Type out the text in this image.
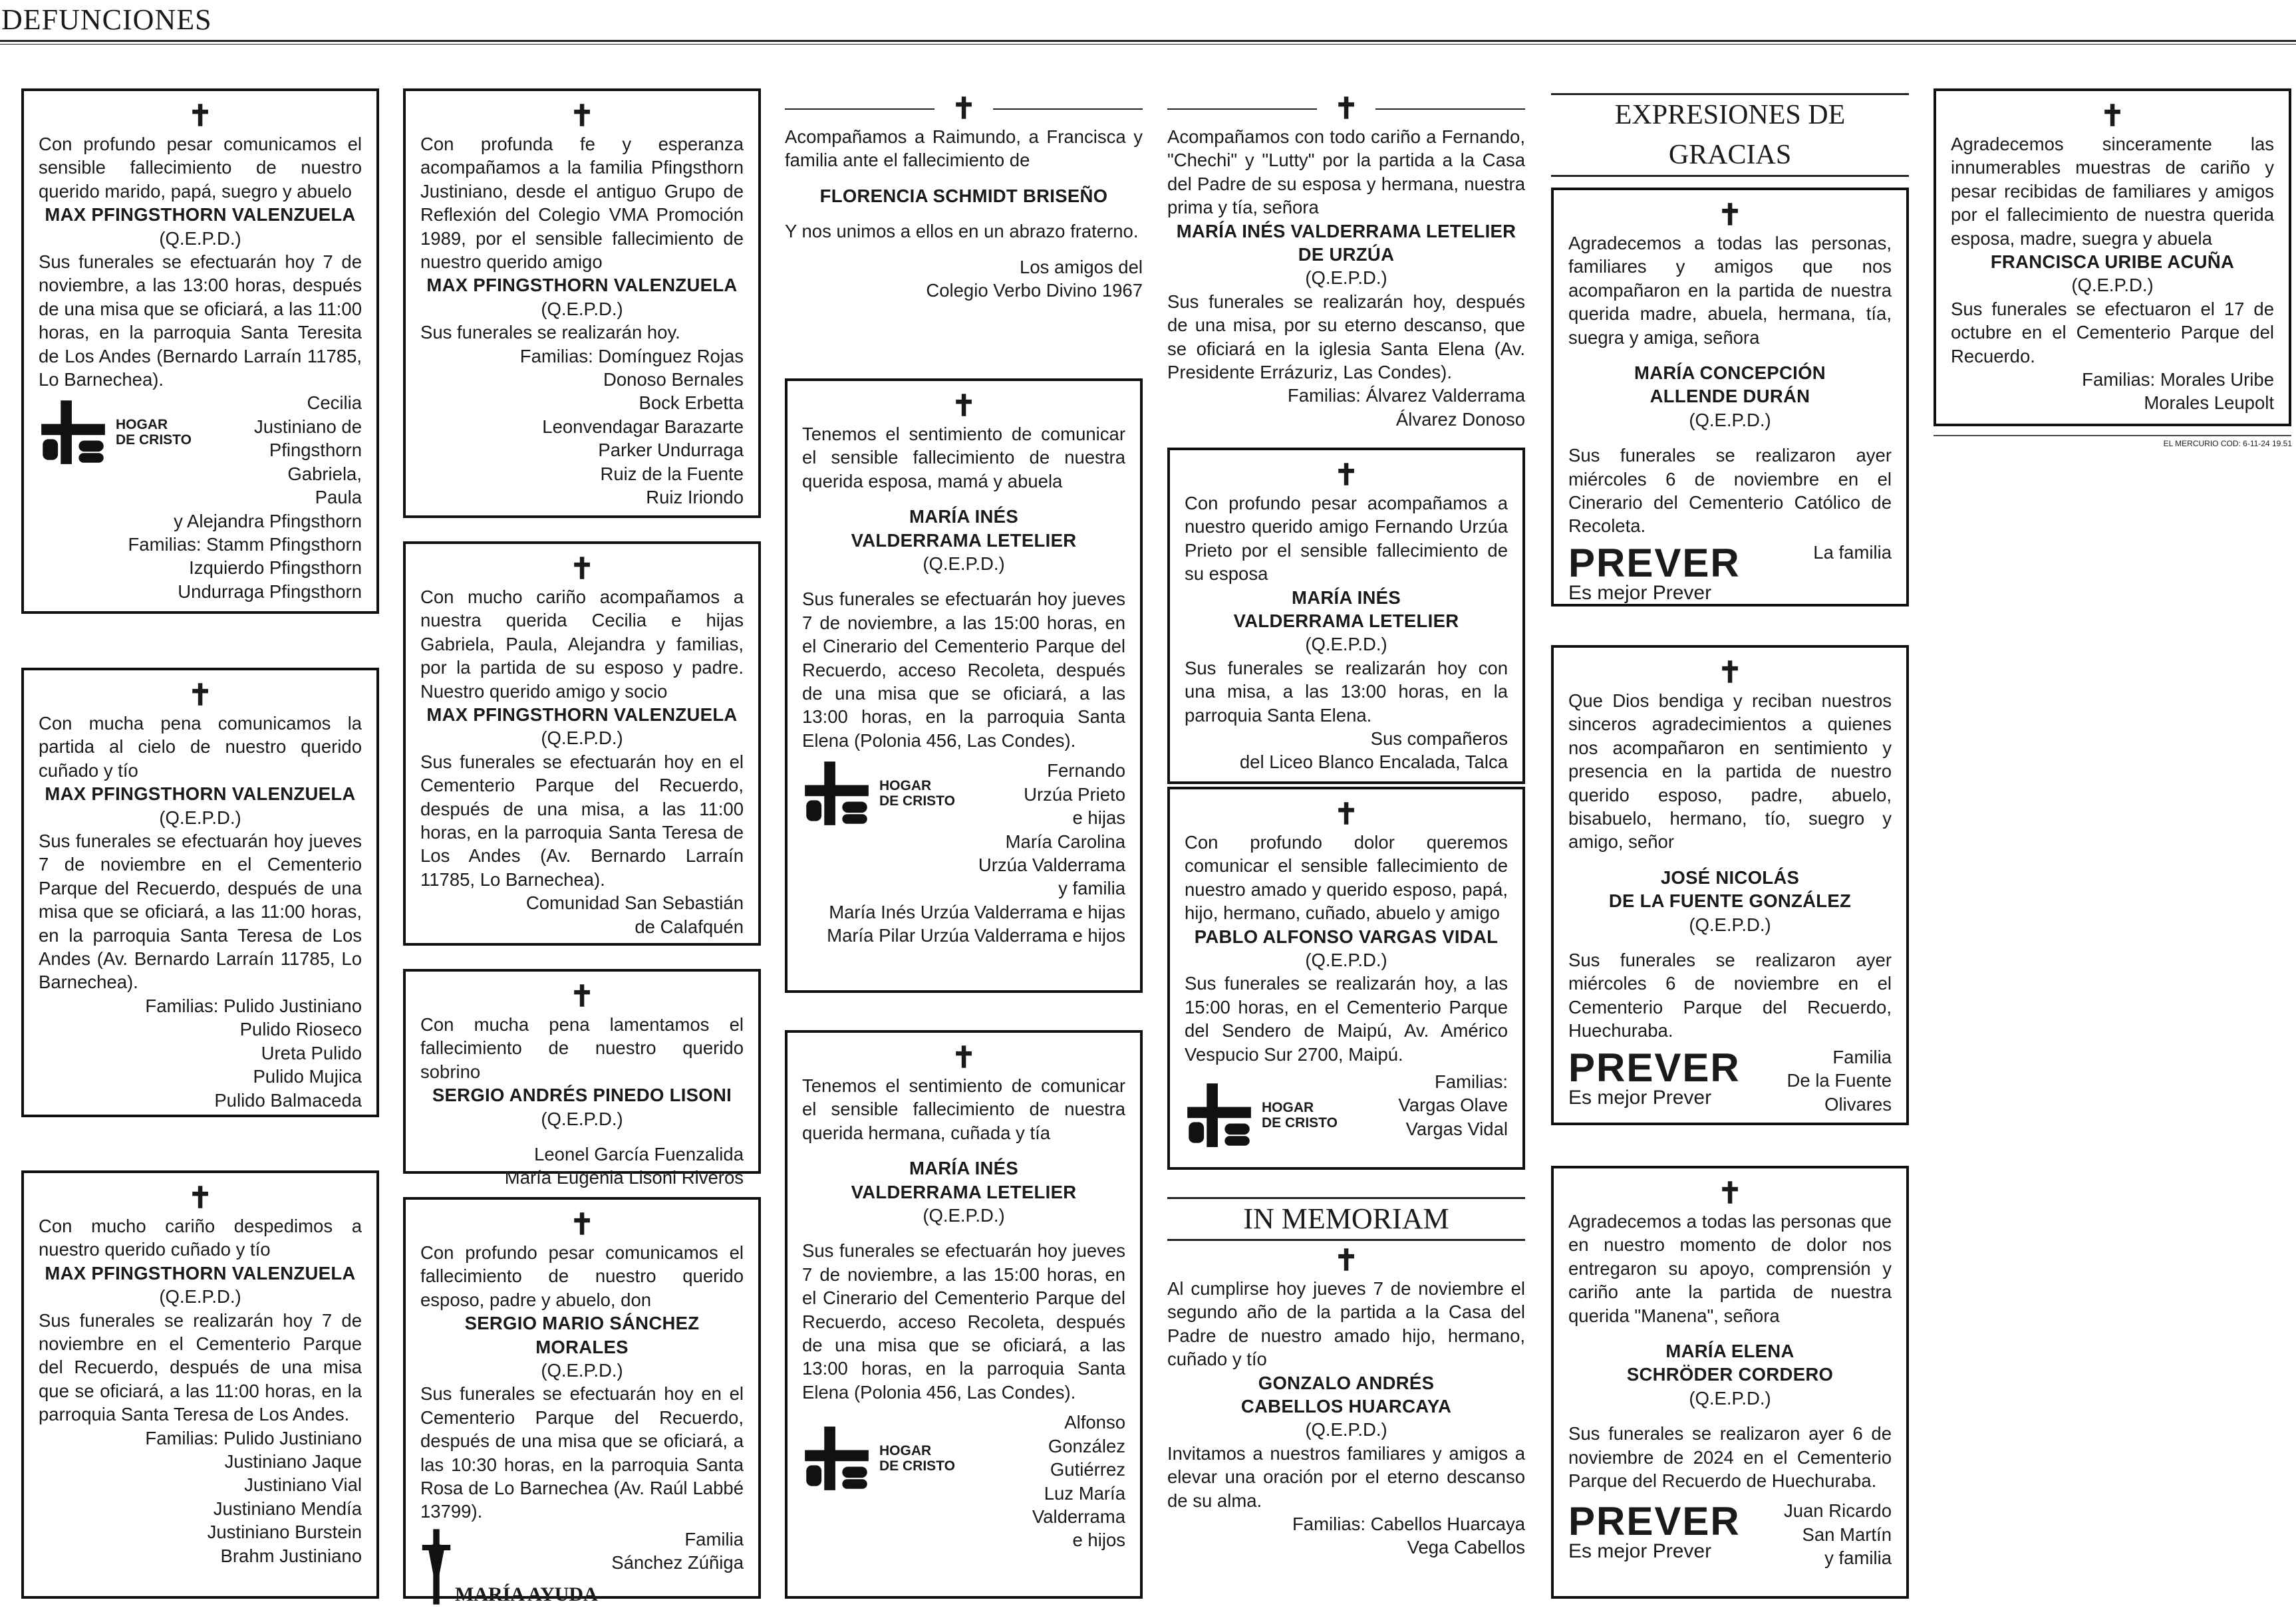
DEFUNCIONES
✝
Con profundo pesar comunicamos el sensible fallecimiento de nuestro querido marido, papá, suegro y abuelo
MAX PFINGSTHORN VALENZUELA
(Q.E.P.D.)
Sus funerales se efectuarán hoy 7 de noviembre, a las 13:00 horas, después de una misa que se oficiará, a las 11:00 horas, en la parroquia Santa Teresita de Los Andes (Bernardo Larraín 11785, Lo Barnechea).
HOGAR
DE CRISTO
Cecilia
Justiniano de
Pfingsthorn
Gabriela,
Paula
y Alejandra Pfingsthorn
Familias: Stamm Pfingsthorn
Izquierdo Pfingsthorn
Undurraga Pfingsthorn
✝
Con mucha pena comunicamos la partida al cielo de nuestro querido cuñado y tío
MAX PFINGSTHORN VALENZUELA
(Q.E.P.D.)
Sus funerales se efectuarán hoy jueves 7 de noviembre en el Cementerio Parque del Recuerdo, después de una misa que se oficiará, a las 11:00 horas, en la parroquia Santa Teresa de Los Andes (Av. Bernardo Larraín 11785, Lo Barnechea).
Familias: Pulido Justiniano
Pulido Rioseco
Ureta Pulido
Pulido Mujica
Pulido Balmaceda
✝
Con mucho cariño despedimos a nuestro querido cuñado y tío
MAX PFINGSTHORN VALENZUELA
(Q.E.P.D.)
Sus funerales se realizarán hoy 7 de noviembre en el Cementerio Parque del Recuerdo, después de una misa que se oficiará, a las 11:00 horas, en la parroquia Santa Teresa de Los Andes.
Familias: Pulido Justiniano
Justiniano Jaque
Justiniano Vial
Justiniano Mendía
Justiniano Burstein
Brahm Justiniano
✝
Con profunda fe y esperanza acompañamos a la familia Pfingsthorn Justiniano, desde el antiguo Grupo de Reflexión del Colegio VMA Promoción 1989, por el sensible fallecimiento de nuestro querido amigo
MAX PFINGSTHORN VALENZUELA
(Q.E.P.D.)
Sus funerales se realizarán hoy.
Familias: Domínguez Rojas
Donoso Bernales
Bock Erbetta
Leonvendagar Barazarte
Parker Undurraga
Ruiz de la Fuente
Ruiz Iriondo
✝
Con mucho cariño acompañamos a nuestra querida Cecilia e hijas Gabriela, Paula, Alejandra y familias, por la partida de su esposo y padre. Nuestro querido amigo y socio
MAX PFINGSTHORN VALENZUELA
(Q.E.P.D.)
Sus funerales se efectuarán hoy en el Cementerio Parque del Recuerdo, después de una misa, a las 11:00 horas, en la parroquia Santa Teresa de Los Andes (Av. Bernardo Larraín 11785, Lo Barnechea).
Comunidad San Sebastián
de Calafquén
✝
Con mucha pena lamentamos el fallecimiento de nuestro querido sobrino
SERGIO ANDRÉS PINEDO LISONI
(Q.E.P.D.)
Leonel García Fuenzalida
María Eugenia Lisoni Riveros
✝
Con profundo pesar comunicamos el fallecimiento de nuestro querido esposo, padre y abuelo, don
SERGIO MARIO SÁNCHEZ MORALES
(Q.E.P.D.)
Sus funerales se efectuarán hoy en el Cementerio Parque del Recuerdo, después de una misa que se oficiará, a las 10:30 horas, en la parroquia Santa Rosa de Lo Barnechea (Av. Raúl Labbé 13799).
MARÍA AYUDA
Familia
Sánchez Zúñiga
✝
Acompañamos a Raimundo, a Francisca y familia ante el fallecimiento de
FLORENCIA SCHMIDT BRISEÑO
Y nos unimos a ellos en un abrazo fraterno.
Los amigos del
Colegio Verbo Divino 1967
✝
Tenemos el sentimiento de comunicar el sensible fallecimiento de nuestra querida esposa, mamá y abuela
MARÍA INÉS
VALDERRAMA LETELIER
(Q.E.P.D.)
Sus funerales se efectuarán hoy jueves 7 de noviembre, a las 15:00 horas, en el Cinerario del Cementerio Parque del Recuerdo, acceso Recoleta, después de una misa que se oficiará, a las 13:00 horas, en la parroquia Santa Elena (Polonia 456, Las Condes).
HOGAR
DE CRISTO
Fernando
Urzúa Prieto
e hijas
María Carolina
Urzúa Valderrama
y familia
María Inés Urzúa Valderrama e hijas
María Pilar Urzúa Valderrama e hijos
✝
Tenemos el sentimiento de comunicar el sensible fallecimiento de nuestra querida hermana, cuñada y tía
MARÍA INÉS
VALDERRAMA LETELIER
(Q.E.P.D.)
Sus funerales se efectuarán hoy jueves 7 de noviembre, a las 15:00 horas, en el Cinerario del Cementerio Parque del Recuerdo, acceso Recoleta, después de una misa que se oficiará, a las 13:00 horas, en la parroquia Santa Elena (Polonia 456, Las Condes).
HOGAR
DE CRISTO
Alfonso
González
Gutiérrez
Luz María
Valderrama
e hijos
✝
Acompañamos con todo cariño a Fernando, "Chechi" y "Lutty" por la partida a la Casa del Padre de su esposa y hermana, nuestra prima y tía, señora
MARÍA INÉS VALDERRAMA LETELIER
DE URZÚA
(Q.E.P.D.)
Sus funerales se realizarán hoy, después de una misa, por su eterno descanso, que se oficiará en la iglesia Santa Elena (Av. Presidente Errázuriz, Las Condes).
Familias: Álvarez Valderrama
Álvarez Donoso
✝
Con profundo pesar acompañamos a nuestro querido amigo Fernando Urzúa Prieto por el sensible fallecimiento de su esposa
MARÍA INÉS
VALDERRAMA LETELIER
(Q.E.P.D.)
Sus funerales se realizarán hoy con una misa, a las 13:00 horas, en la parroquia Santa Elena.
Sus compañeros
del Liceo Blanco Encalada, Talca
✝
Con profundo dolor queremos comunicar el sensible fallecimiento de nuestro amado y querido esposo, papá, hijo, hermano, cuñado, abuelo y amigo
PABLO ALFONSO VARGAS VIDAL
(Q.E.P.D.)
Sus funerales se realizarán hoy, a las 15:00 horas, en el Cementerio Parque del Sendero de Maipú, Av. Américo Vespucio Sur 2700, Maipú.
HOGAR
DE CRISTO
Familias:
Vargas Olave
Vargas Vidal
IN MEMORIAM
✝
Al cumplirse hoy jueves 7 de noviembre el segundo año de la partida a la Casa del Padre de nuestro amado hijo, hermano, cuñado y tío
GONZALO ANDRÉS
CABELLOS HUARCAYA
(Q.E.P.D.)
Invitamos a nuestros familiares y amigos a elevar una oración por el eterno descanso de su alma.
Familias: Cabellos Huarcaya
Vega Cabellos
EXPRESIONES DE GRACIAS
✝
Agradecemos a todas las personas, familiares y amigos que nos acompañaron en la partida de nuestra querida madre, abuela, hermana, tía, suegra y amiga, señora
MARÍA CONCEPCIÓN
ALLENDE DURÁN
(Q.E.P.D.)
Sus funerales se realizaron ayer miércoles 6 de noviembre en el Cinerario del Cementerio Católico de Recoleta.
PREVER
Es mejor Prever
La familia
✝
Que Dios bendiga y reciban nuestros sinceros agradecimientos a quienes nos acompañaron en sentimiento y presencia en la partida de nuestro querido esposo, padre, abuelo, bisabuelo, hermano, tío, suegro y amigo, señor
JOSÉ NICOLÁS
DE LA FUENTE GONZÁLEZ
(Q.E.P.D.)
Sus funerales se realizaron ayer miércoles 6 de noviembre en el Cementerio Parque del Recuerdo, Huechuraba.
PREVER
Es mejor Prever
Familia
De la Fuente
Olivares
✝
Agradecemos a todas las personas que en nuestro momento de dolor nos entregaron su apoyo, comprensión y cariño ante la partida de nuestra querida "Manena", señora
MARÍA ELENA
SCHRÖDER CORDERO
(Q.E.P.D.)
Sus funerales se realizaron ayer 6 de noviembre de 2024 en el Cementerio Parque del Recuerdo de Huechuraba.
PREVER
Es mejor Prever
Juan Ricardo
San Martín
y familia
✝
Agradecemos sinceramente las innumerables muestras de cariño y pesar recibidas de familiares y amigos por el fallecimiento de nuestra querida esposa, madre, suegra y abuela
FRANCISCA URIBE ACUÑA
(Q.E.P.D.)
Sus funerales se efectuaron el 17 de octubre en el Cementerio Parque del Recuerdo.
Familias: Morales Uribe
Morales Leupolt
EL MERCURIO COD: 6-11-24 19.51
